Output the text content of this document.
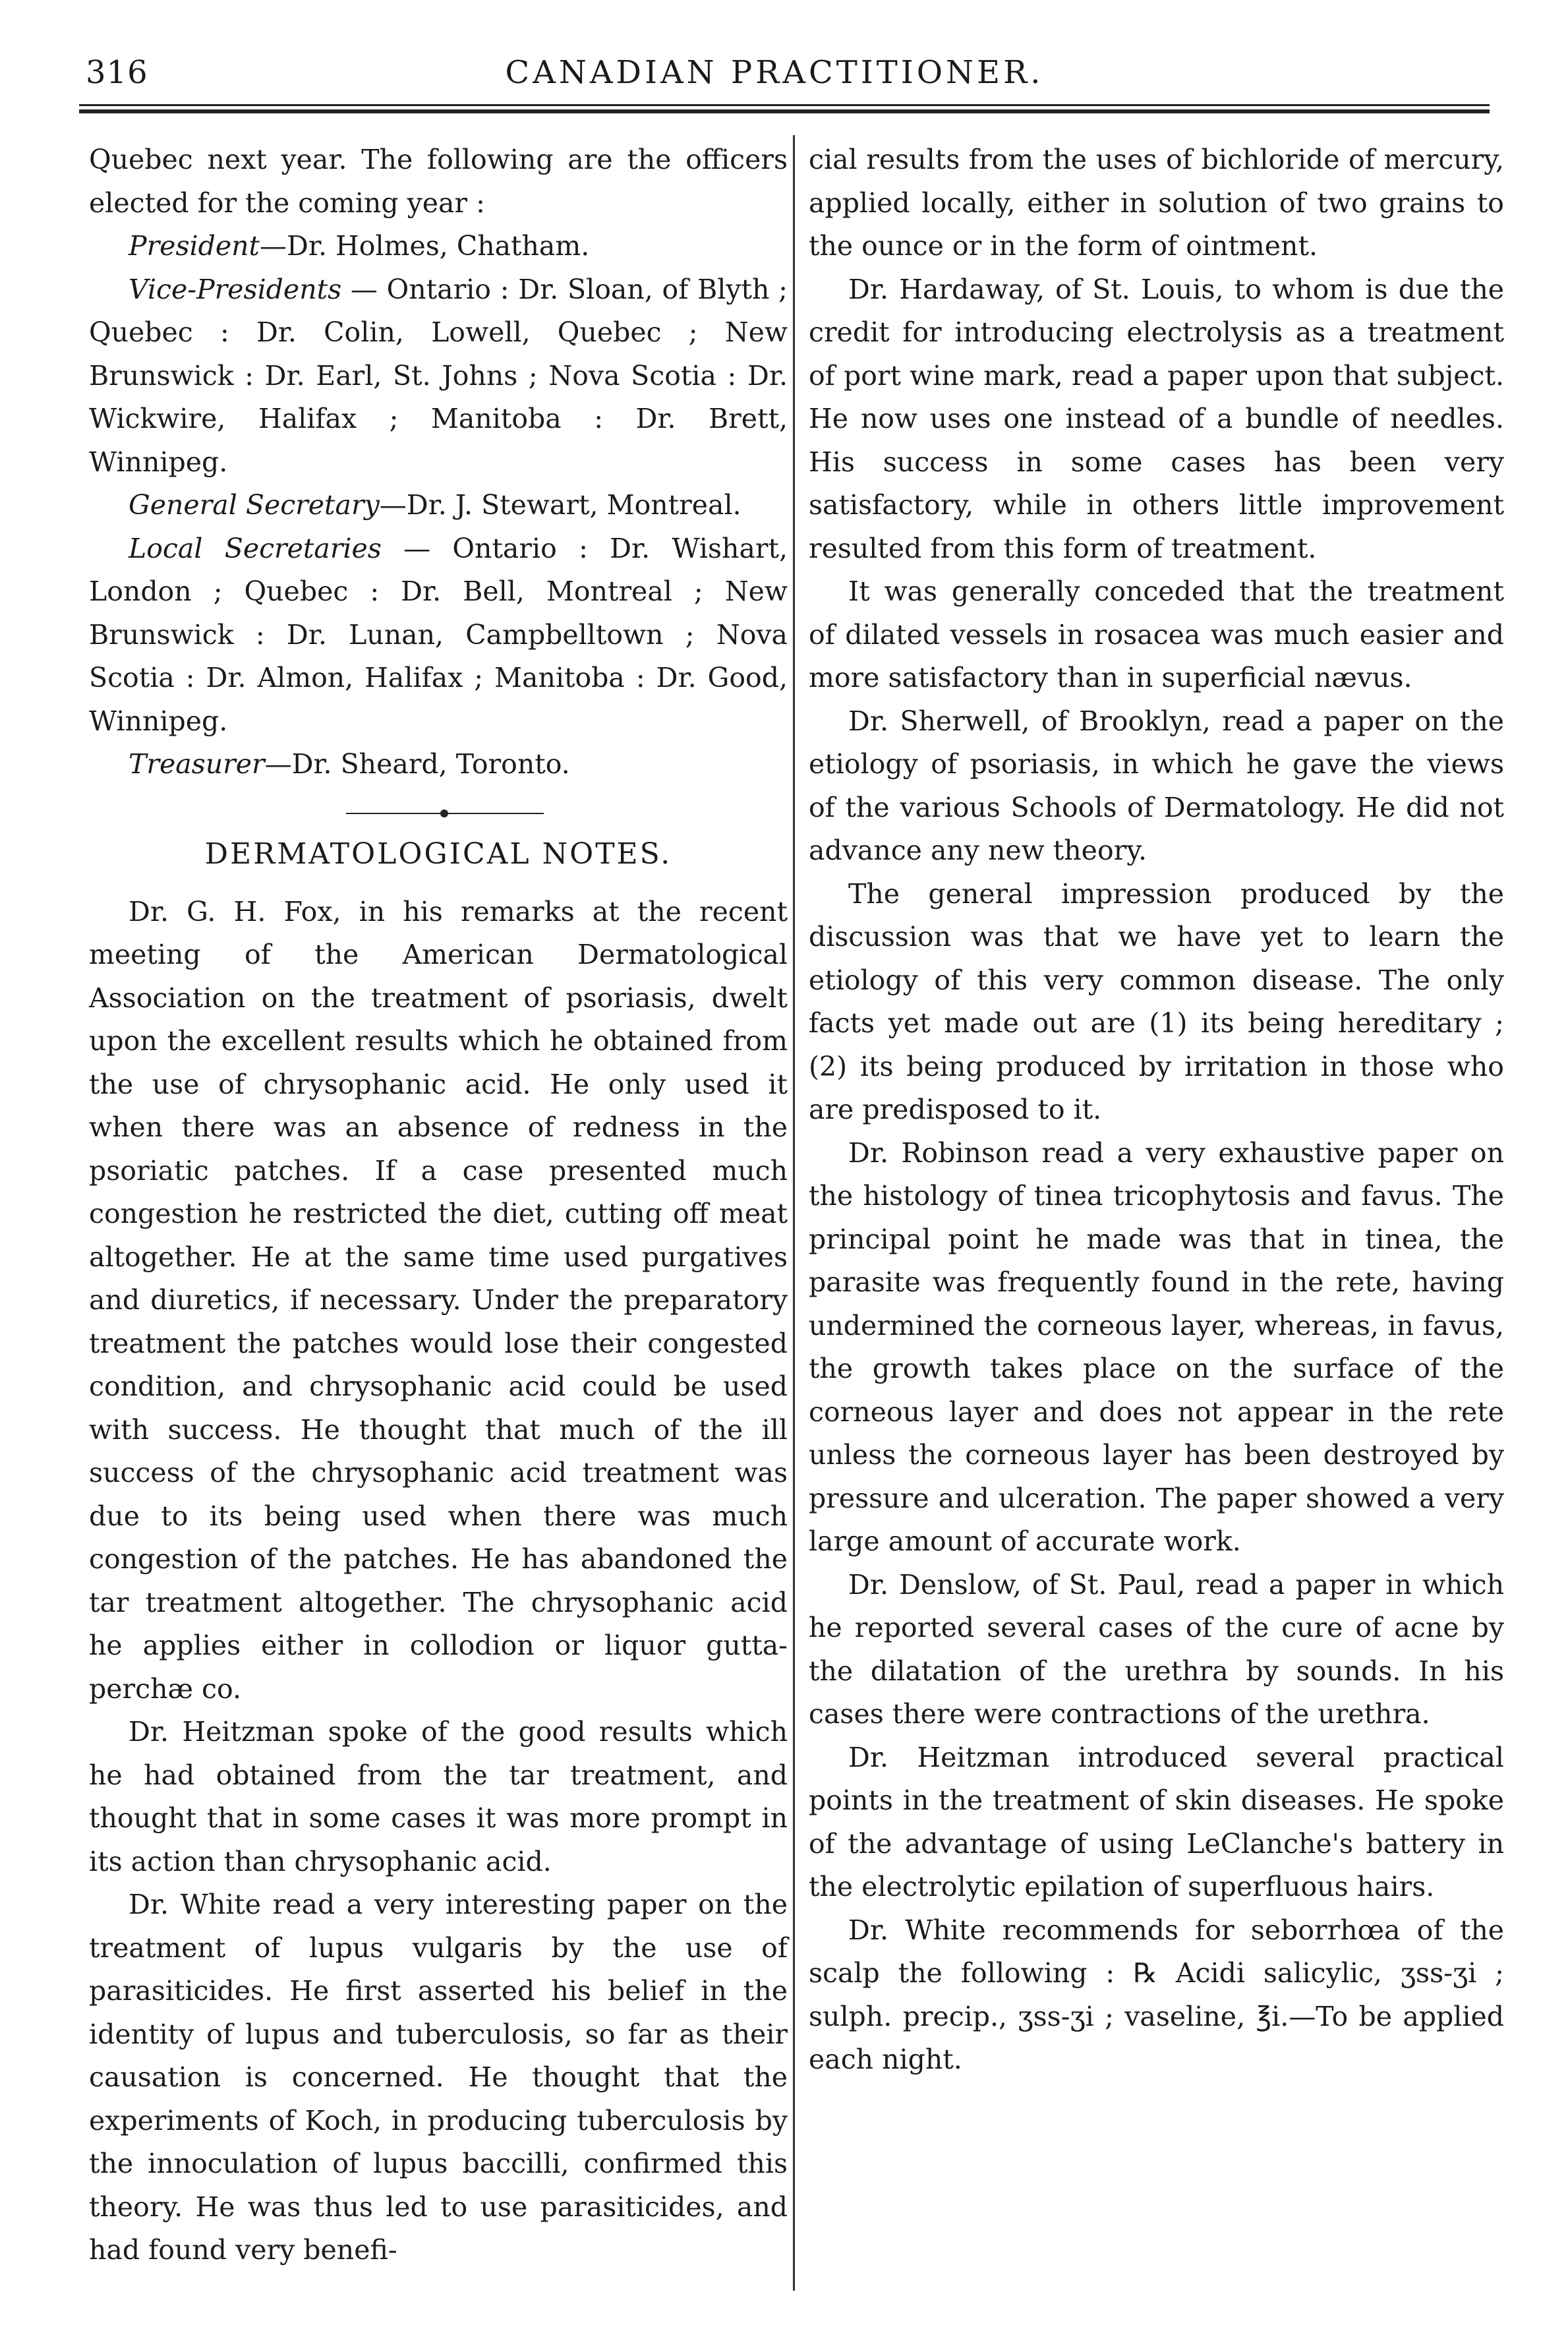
316	CANADIAN PRACTITIONER.

Quebec next year. The following are the officers elected for the coming year :

President—Dr. Holmes, Chatham.

Vice-Presidents — Ontario : Dr. Sloan, of Blyth ; Quebec : Dr. Colin, Lowell, Quebec ; New Brunswick : Dr. Earl, St. Johns ; Nova Scotia : Dr. Wickwire, Halifax ; Manitoba : Dr. Brett, Winnipeg.

General Secretary—Dr. J. Stewart, Montreal.

Local Secretaries — Ontario : Dr. Wishart, London ; Quebec : Dr. Bell, Montreal ; New Brunswick : Dr. Lunan, Campbelltown ; Nova Scotia : Dr. Almon, Halifax ; Manitoba : Dr. Good, Winnipeg.

Treasurer—Dr. Sheard, Toronto.

DERMATOLOGICAL NOTES.

Dr. G. H. Fox, in his remarks at the recent meeting of the American Dermatological Association on the treatment of psoriasis, dwelt upon the excellent results which he obtained from the use of chrysophanic acid. He only used it when there was an absence of redness in the psoriatic patches. If a case presented much congestion he restricted the diet, cutting off meat altogether. He at the same time used purgatives and diuretics, if necessary. Under the preparatory treatment the patches would lose their congested condition, and chrysophanic acid could be used with success. He thought that much of the ill success of the chrysophanic acid treatment was due to its being used when there was much congestion of the patches. He has abandoned the tar treatment altogether. The chrysophanic acid he applies either in collodion or liquor gutta-perchæ co.

Dr. Heitzman spoke of the good results which he had obtained from the tar treatment, and thought that in some cases it was more prompt in its action than chrysophanic acid.

Dr. White read a very interesting paper on the treatment of lupus vulgaris by the use of parasiticides. He first asserted his belief in the identity of lupus and tuberculosis, so far as their causation is concerned. He thought that the experiments of Koch, in producing tuberculosis by the innoculation of lupus baccilli, confirmed this theory. He was thus led to use parasiticides, and had found very benefi-

cial results from the uses of bichloride of mercury, applied locally, either in solution of two grains to the ounce or in the form of ointment.

Dr. Hardaway, of St. Louis, to whom is due the credit for introducing electrolysis as a treatment of port wine mark, read a paper upon that subject. He now uses one instead of a bundle of needles. His success in some cases has been very satisfactory, while in others little improvement resulted from this form of treatment.

It was generally conceded that the treatment of dilated vessels in rosacea was much easier and more satisfactory than in superficial nævus.

Dr. Sherwell, of Brooklyn, read a paper on the etiology of psoriasis, in which he gave the views of the various Schools of Dermatology. He did not advance any new theory.

The general impression produced by the discussion was that we have yet to learn the etiology of this very common disease. The only facts yet made out are (1) its being hereditary ; (2) its being produced by irritation in those who are predisposed to it.

Dr. Robinson read a very exhaustive paper on the histology of tinea tricophytosis and favus. The principal point he made was that in tinea, the parasite was frequently found in the rete, having undermined the corneous layer, whereas, in favus, the growth takes place on the surface of the corneous layer and does not appear in the rete unless the corneous layer has been destroyed by pressure and ulceration. The paper showed a very large amount of accurate work.

Dr. Denslow, of St. Paul, read a paper in which he reported several cases of the cure of acne by the dilatation of the urethra by sounds. In his cases there were contractions of the urethra.

Dr. Heitzman introduced several practical points in the treatment of skin diseases. He spoke of the advantage of using LeClanche's battery in the electrolytic epilation of superfluous hairs.

Dr. White recommends for seborrhœa of the scalp the following : ℞ Acidi salicylic, ʒss-ʒi ; sulph. precip., ʒss-ʒi ; vaseline, ℥i.—To be applied each night.
